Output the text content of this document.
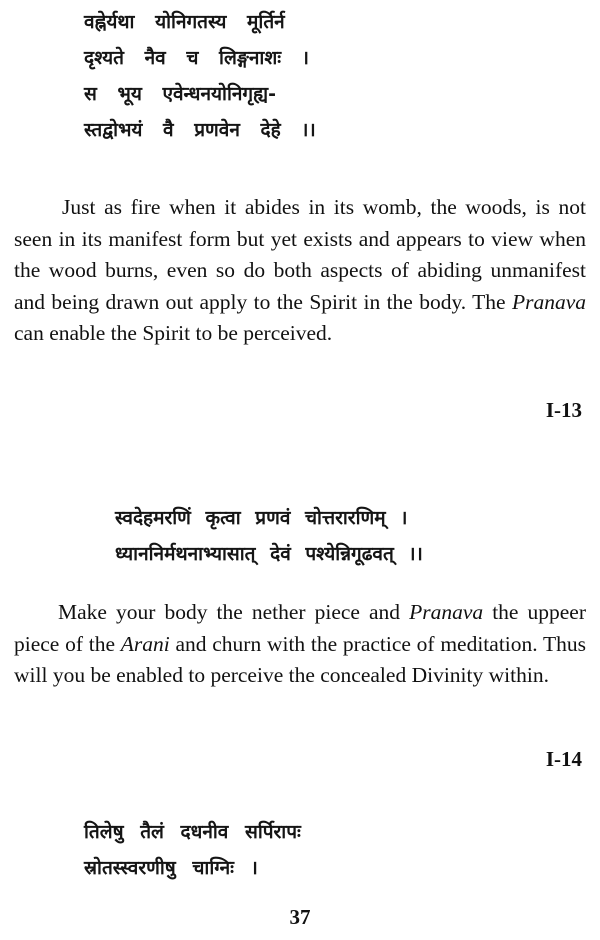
वह्नेर्यथा योनिगतस्य मूर्तिर्न
दृश्यते नैव च लिङ्गनाशः ।
स भूय एवेन्धनयोनिगृह्य-
स्तद्वोभयं वै प्रणवेन देहे ।।

Just as fire when it abides in its womb, the woods, is not seen in its manifest form but yet exists and appears to view when the wood burns, even so do both aspects of abiding unmanifest and being drawn out apply to the Spirit in the body. The Pranava can enable the Spirit to be perceived.

I-13
स्वदेहमरणिं कृत्वा प्रणवं चोत्तरारणिम् ।
ध्याननिर्मथनाभ्यासात् देवं पश्येन्निगूढवत् ।।

Make your body the nether piece and Pranava the uppeer piece of the Arani and churn with the practice of meditation. Thus will you be enabled to perceive the concealed Divinity within.

I-14
तिलेषु तैलं दधनीव सर्पिरापः
स्रोतस्स्वरणीषु चाग्निः ।
37
